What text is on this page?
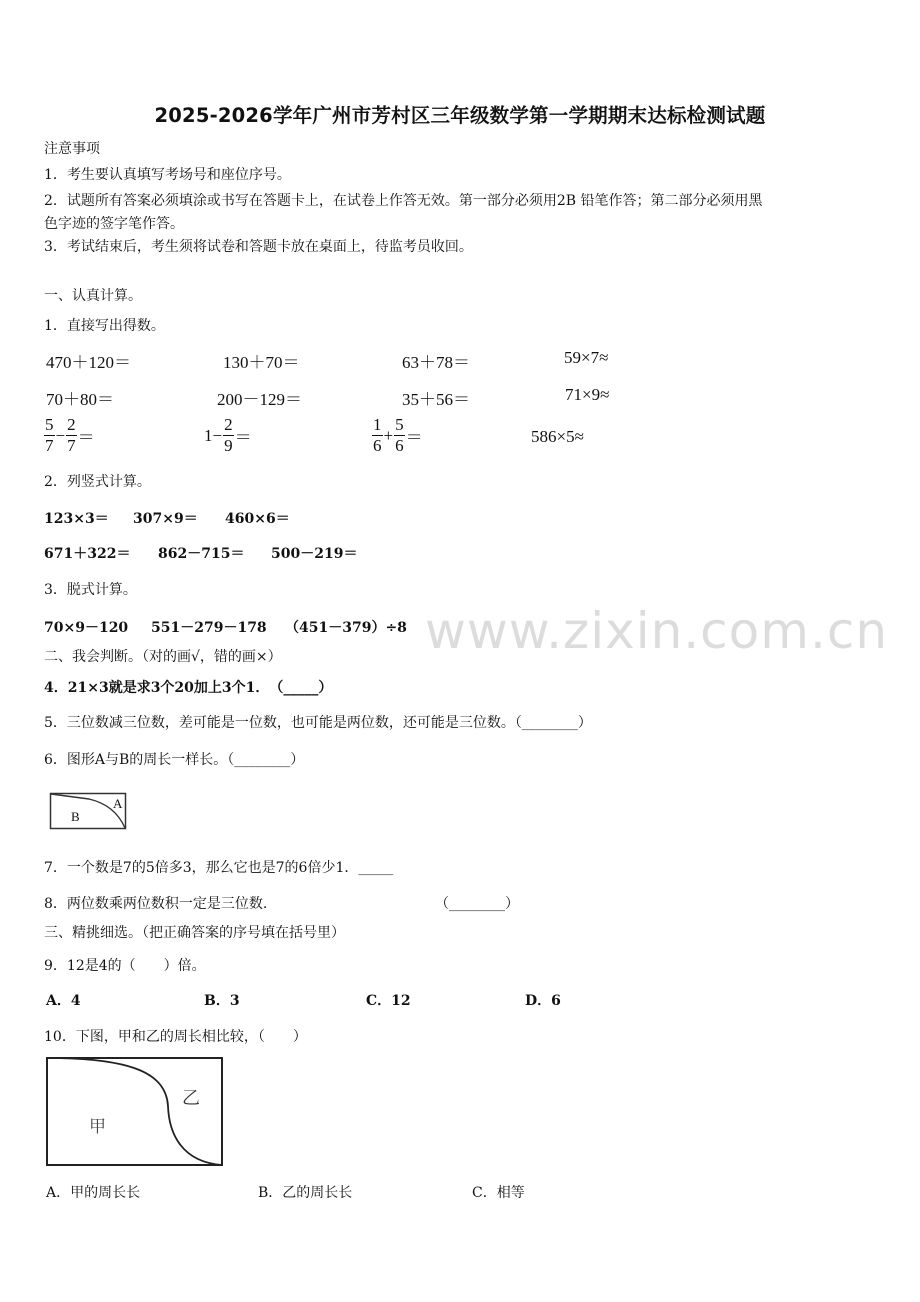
2025-2026学年广州市芳村区三年级数学第一学期期末达标检测试题
注意事项
1．考生要认真填写考场号和座位序号。
2．试题所有答案必须填涂或书写在答题卡上，在试卷上作答无效。第一部分必须用2B 铅笔作答；第二部分必须用黑
色字迹的签字笔作答。
3．考试结束后，考生须将试卷和答题卡放在桌面上，待监考员收回。
一、认真计算。
1．直接写出得数。
470＋120＝	130＋70＝	63＋78＝	59×7≈
70＋80＝	200－129＝	35＋56＝	71×9≈
$\frac{5}{7} - \frac{2}{7}$ ＝	$1- \frac{2}{9}$ ＝	$\frac{1}{6} + \frac{5}{6}$ ＝	586×5≈
2．列竖式计算。
123×3＝ 307×9＝ 460×6＝
671＋322＝ 862－715＝ 500－219＝
3．脱式计算。
70×9－120 551－279－178 （451－379）÷8 www.zixin.com.cn
二、我会判断。（对的画√，错的画×）
4．21×3就是求3个20加上3个1．　（_____）
5．三位数减三位数，差可能是一位数，也可能是两位数，还可能是三位数。（________）
6．图形A与B的周长一样长。（________）
A
B
7．一个数是7的5倍多3，那么它也是7的6倍少1．_____
8．两位数乘两位数积一定是三位数.	（________）
三、精挑细选。（把正确答案的序号填在括号里）
9．12是4的（　　）倍。
A．4	B．3	C．12	D．6
10．下图，甲和乙的周长相比较，（　　）
甲
乙
A．甲的周长长	B．乙的周长长	C．相等
